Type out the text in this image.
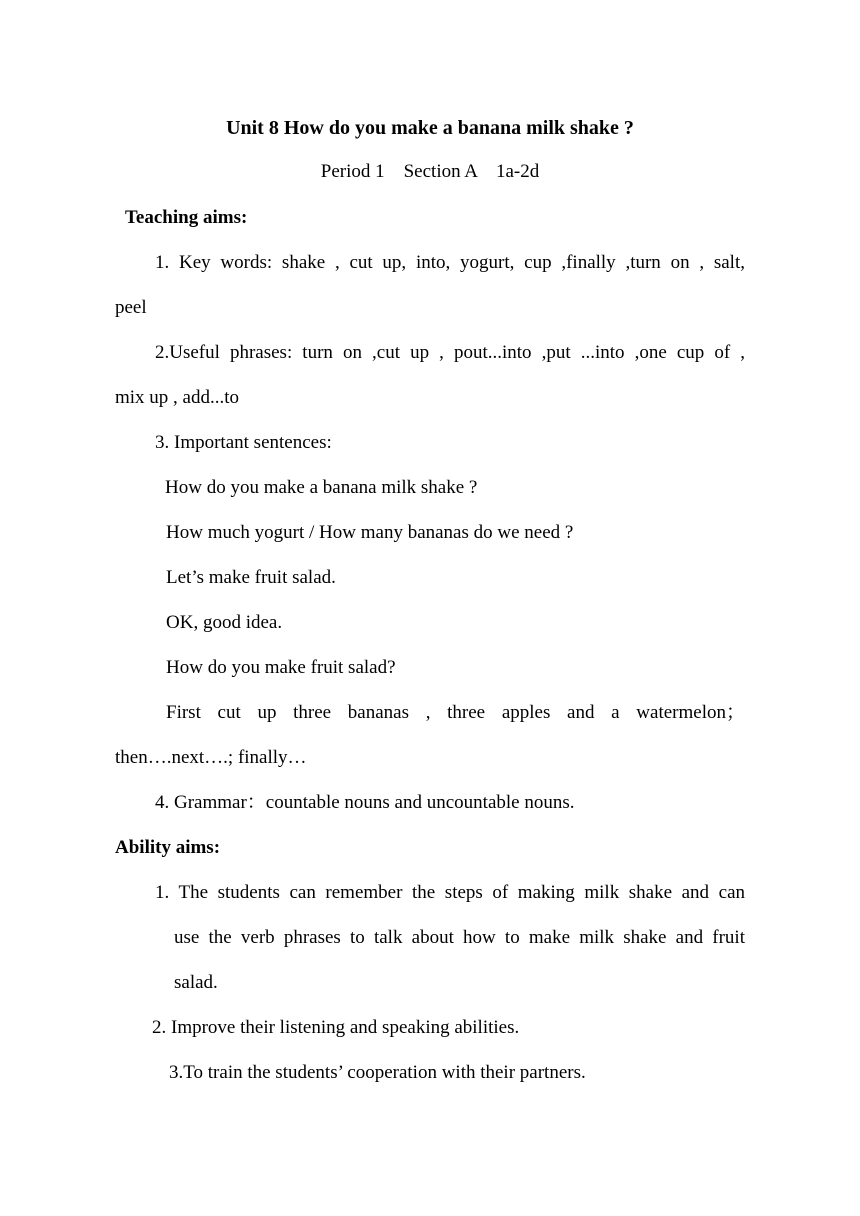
Unit 8 How do you make a banana milk shake ?
Period 1    Section A    1a-2d
Teaching aims:
1. Key words: shake , cut up, into, yogurt, cup ,finally ,turn on , salt,
peel
2.Useful phrases: turn on ,cut up , pout...into ,put ...into ,one cup of ,
mix up , add...to
3. Important sentences:
How do you make a banana milk shake ?
How much yogurt / How many bananas do we need ?
Let’s make fruit salad.
OK, good idea.
How do you make fruit salad?
First cut up three bananas , three apples and a watermelon；
then….next….; finally…
4. Grammar：countable nouns and uncountable nouns.
Ability aims:
1. The students can remember the steps of making milk shake and can
use the verb phrases to talk about how to make milk shake and fruit
salad.
2. Improve their listening and speaking abilities.
3.To train the students’ cooperation with their partners.
